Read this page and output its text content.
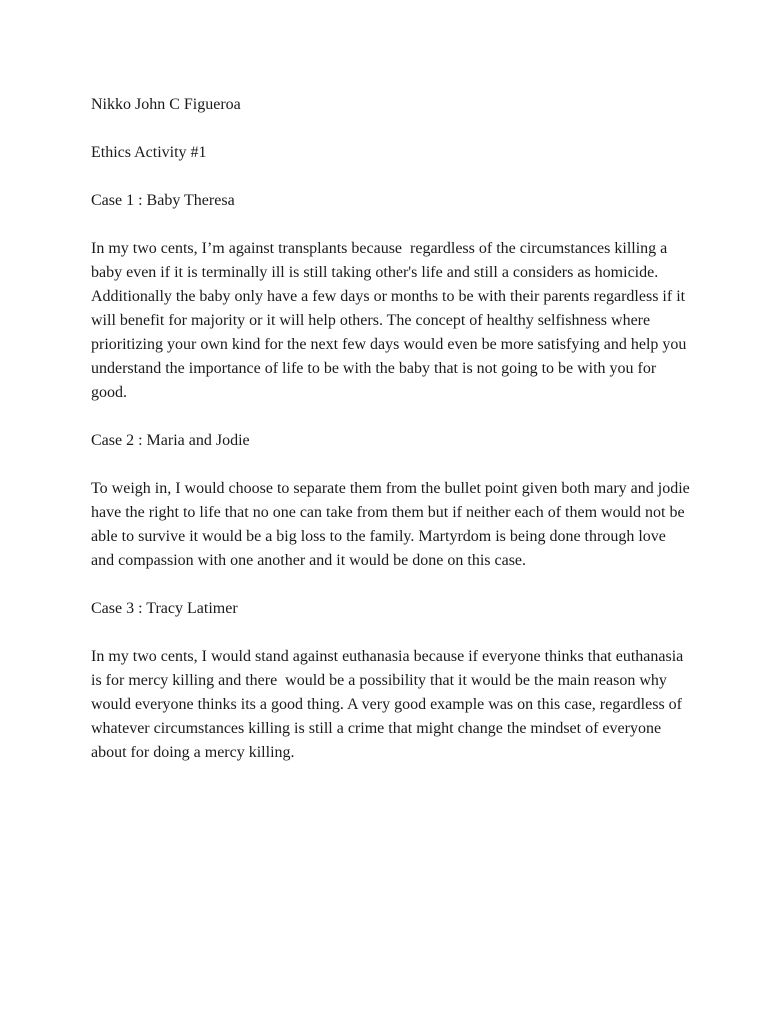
Nikko John C Figueroa

Ethics Activity #1

Case 1 : Baby Theresa

In my two cents, I’m against transplants because  regardless of the circumstances killing a baby even if it is terminally ill is still taking other's life and still a considers as homicide. Additionally the baby only have a few days or months to be with their parents regardless if it will benefit for majority or it will help others. The concept of healthy selfishness where prioritizing your own kind for the next few days would even be more satisfying and help you understand the importance of life to be with the baby that is not going to be with you for good.

Case 2 : Maria and Jodie

To weigh in, I would choose to separate them from the bullet point given both mary and jodie have the right to life that no one can take from them but if neither each of them would not be able to survive it would be a big loss to the family. Martyrdom is being done through love and compassion with one another and it would be done on this case.

Case 3 : Tracy Latimer

In my two cents, I would stand against euthanasia because if everyone thinks that euthanasia is for mercy killing and there  would be a possibility that it would be the main reason why would everyone thinks its a good thing. A very good example was on this case, regardless of whatever circumstances killing is still a crime that might change the mindset of everyone about for doing a mercy killing.
